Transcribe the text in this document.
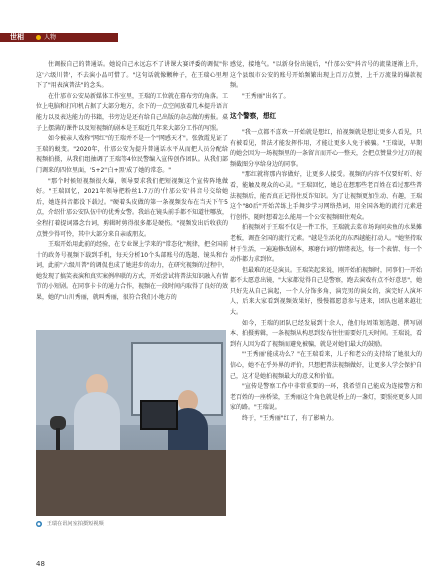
世相	人物

住调报自己的普通话。她说自己永远忘不了讲课大赛评委的调侃"你这'六级川普'，不去演小品可惜了。"这句话就像颗种子，在王瑞心里埋下了"用表演普法"的念头。

在什邡市公安局新媒体工作室里，王瑞的工位就在幕布旁的角落。工位上电脑和打印机占据了大部分地方，余下的一点空间放着几本提升语言能力以及表达能力的书籍，书旁边是还有给自己出版的杂志做的剪报。桌子上摆满的课件以及短视频的剧本是王瑞近几年来大部分工作的写照。

如今被亲人戏称"网红"的王瑞并不是一个"网感天才"。张敦霞见证了王瑞的蜕变。"2020年，什邡公安为提升普通话水平从而把人员分配给视频拍摄，从我们组抽调了王瑞等4位民警编入宣传创作团队。从我们部门调来的四位里面，'5+2''白+黑'成了她的常态。"

"那个时候短视频很火爆，领导要求我们把短视频这个宣传阵地做好。"王瑞回忆，2021年领导把粉丝1.7万的'什邡公安'抖音号交给她后，她连抖音都没下载过。"硬着头皮做的第一条视频发布在当天下午5点，介绍什邡公安队伍中的优秀女警。我站在镜头前手都不知道往哪放，全程打着提词器念台词，剪辑时剪得很多都是硬伤。"视频发出后收获的点赞少得可怜，其中大部分来自亲戚朋友。

王瑞开始用此前的经验，在专业课上学来的"常态化"规律，把全国前十的政务号视频下载到手机，每天分析10个头部账号的选题、镜头和台词，此前"六级川普"的调侃也成了她进步的动力，在研究视频的过程中，她发现了搞笑表演和真实案例串联的方式，开始尝试将普法知识融入有情节的小短剧。在同事卡卡的通力合作，视频在一段时间内取得了良好的效果，她的"山川秀丽，就叫秀丽，很符合我们小地方的

● 王瑞在讯问室拍摄短视频

感觉，接地气。"以新身份出镜后，"什邡公安"抖音号的流量逐渐上升，这个县级市公安的账号开始频繁出现上百万点赞，上千万流量的爆款视频。

"王秀丽"出名了。

这个警察，想红

"我一点都不喜欢一开始就是想红，拍视频就是想让更多人看见，只有被看见，普法才能发挥作用，才能让更多人免于被骗。"王瑞说，早期的她会因为一场视频里的一条留言而开心一整天，会把点赞量少过万的视频截图分享给身边的同事。

"那红就将那内容做好，让更多人接受。视频的内容不仅要好听、好看，能触及观众的心灵。"王瑞回忆，她总在想那些老百姓在看过那些普法视频后，能否真正记得住反诈知识。为了让视频更加生动、有趣，王瑞这个"80后"开始苦练上手舞步学习网络热词，用全国各地的流行元素进行创作，随时想着怎么能用一个公安视频圈住观众。

拍视频对于王瑞不仅是一件工作，王瑞就去菜市场询问卖鱼的水果摊老板，调查全国的流行元素。"越是生活化的东西越能打动人。"她坚持取材于生活，一遍遍修改剧本，琢磨台词的情绪表达，每一个表情、每一个动作都力求到位。

但最难的还是演员。王瑞笑起来说，刚开始拍视频时，同事们一开始都不太愿意出镜，"大家都觉得自己是警察，跑去演戏有点不好意思"，她只好先从自己演起，一个人分饰多角，演完男的演女的，演完好人演坏人，后来大家看到视频效果好，慢慢都愿意参与进来，团队也越来越壮大。

如今，王瑞的团队已经发展到十余人，他们每周策划选题、撰写剧本、拍摄剪辑，一条视频从构思到发布往往需要好几天时间。王瑞说，看到有人因为看了视频而避免被骗，就是对她们最大的鼓励。

"'王秀丽'能成功么？"在王瑞看来，儿子和老公的支持给了她很大的信心，她不在乎外界的评价，只想把普法视频做好，让更多人学会保护自己，这才是她拍视频最大的意义和价值。

"宣传是警察工作中非常重要的一环，我希望自己能成为连接警方和老百姓的一座桥梁，王秀丽这个角色就是桥上的一盏灯，要照亮更多人回家的路。"王瑞说。

终于，"王秀丽"红了，有了影响力。

48
